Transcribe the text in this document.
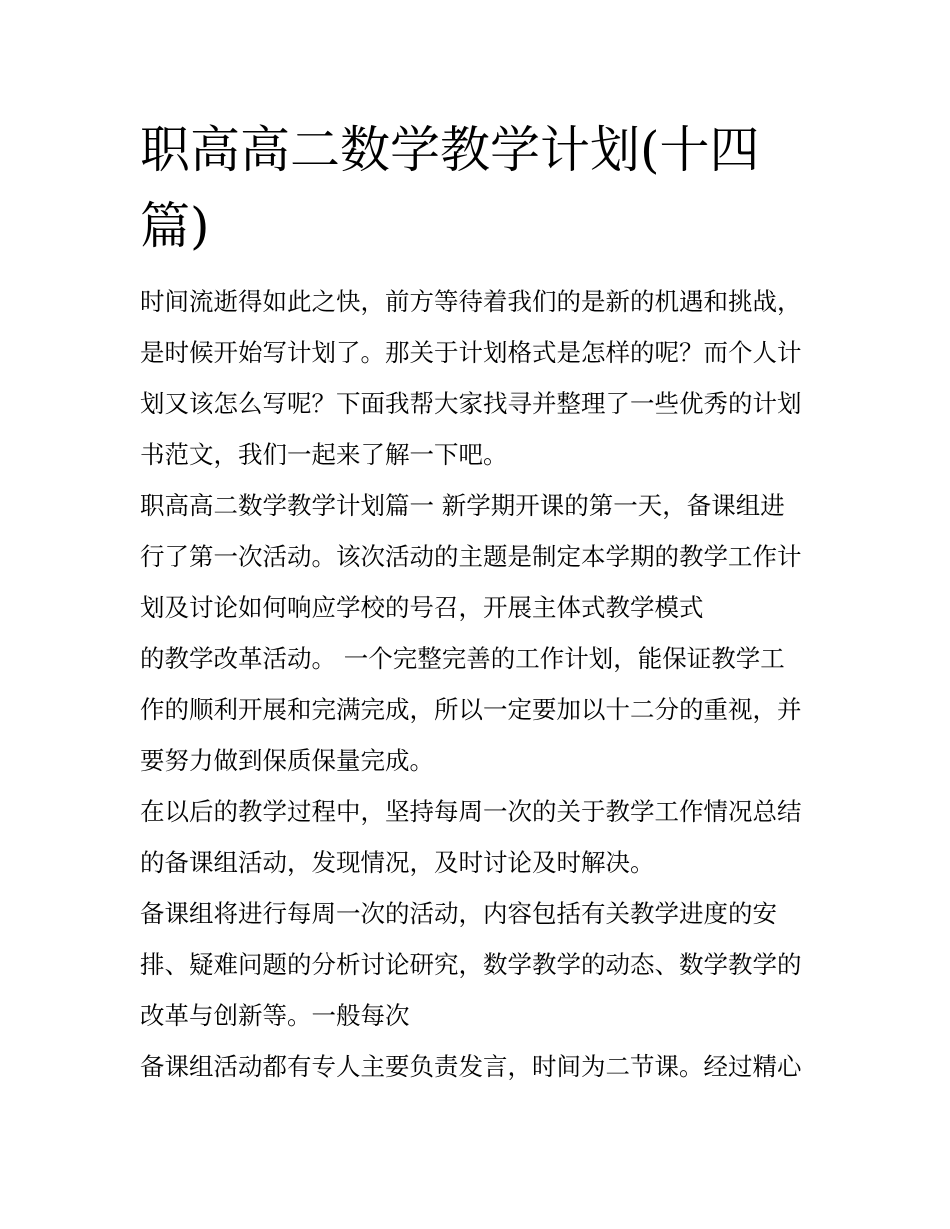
职高高二数学教学计划(十四
篇)
时间流逝得如此之快，前方等待着我们的是新的机遇和挑战，
是时候开始写计划了。那关于计划格式是怎样的呢？而个人计
划又该怎么写呢？下面我帮大家找寻并整理了一些优秀的计划
书范文，我们一起来了解一下吧。
职高高二数学教学计划篇一 新学期开课的第一天，备课组进
行了第一次活动。该次活动的主题是制定本学期的教学工作计
划及讨论如何响应学校的号召，开展主体式教学模式
的教学改革活动。 一个完整完善的工作计划，能保证教学工
作的顺利开展和完满完成，所以一定要加以十二分的重视，并
要努力做到保质保量完成。
在以后的教学过程中，坚持每周一次的关于教学工作情况总结
的备课组活动，发现情况，及时讨论及时解决。
备课组将进行每周一次的活动，内容包括有关教学进度的安
排、疑难问题的分析讨论研究，数学教学的动态、数学教学的
改革与创新等。一般每次
备课组活动都有专人主要负责发言，时间为二节课。经过精心
